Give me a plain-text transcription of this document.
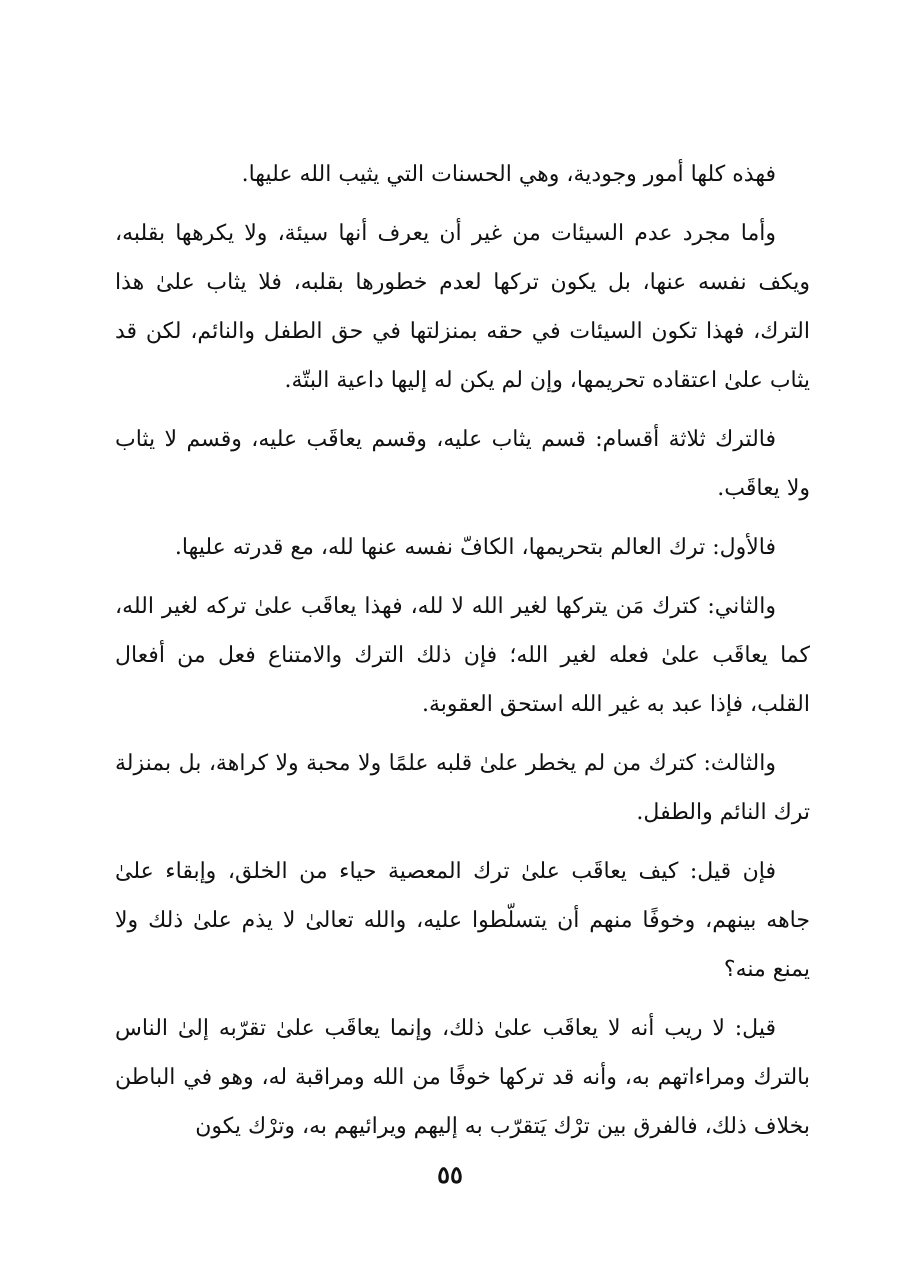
فهذه كلها أمور وجودية، وهي الحسنات التي يثيب الله عليها.

وأما مجرد عدم السيئات من غير أن يعرف أنها سيئة، ولا يكرهها بقلبه، ويكف نفسه عنها، بل يكون تركها لعدم خطورها بقلبه، فلا يثاب علىٰ هذا الترك، فهذا تكون السيئات في حقه بمنزلتها في حق الطفل والنائم، لكن قد يثاب علىٰ اعتقاده تحريمها، وإن لم يكن له إليها داعية البتّة.

فالترك ثلاثة أقسام: قسم يثاب عليه، وقسم يعاقَب عليه، وقسم لا يثاب ولا يعاقَب.

فالأول: ترك العالم بتحريمها، الكافّ نفسه عنها لله، مع قدرته عليها.

والثاني: كترك مَن يتركها لغير الله لا لله، فهذا يعاقَب علىٰ تركه لغير الله، كما يعاقَب علىٰ فعله لغير الله؛ فإن ذلك الترك والامتناع فعل من أفعال القلب، فإذا عبد به غير الله استحق العقوبة.

والثالث: كترك من لم يخطر علىٰ قلبه علمًا ولا محبة ولا كراهة، بل بمنزلة ترك النائم والطفل.

فإن قيل: كيف يعاقَب علىٰ ترك المعصية حياء من الخلق، وإبقاء علىٰ جاهه بينهم، وخوفًا منهم أن يتسلّطوا عليه، والله تعالىٰ لا يذم علىٰ ذلك ولا يمنع منه؟

قيل: لا ريب أنه لا يعاقَب علىٰ ذلك، وإنما يعاقَب علىٰ تقرّبه إلىٰ الناس بالترك ومراءاتهم به، وأنه قد تركها خوفًا من الله ومراقبة له، وهو في الباطن بخلاف ذلك، فالفرق بين ترْك يَتقرّب به إليهم ويرائيهم به، وترْك يكون

٥٥
